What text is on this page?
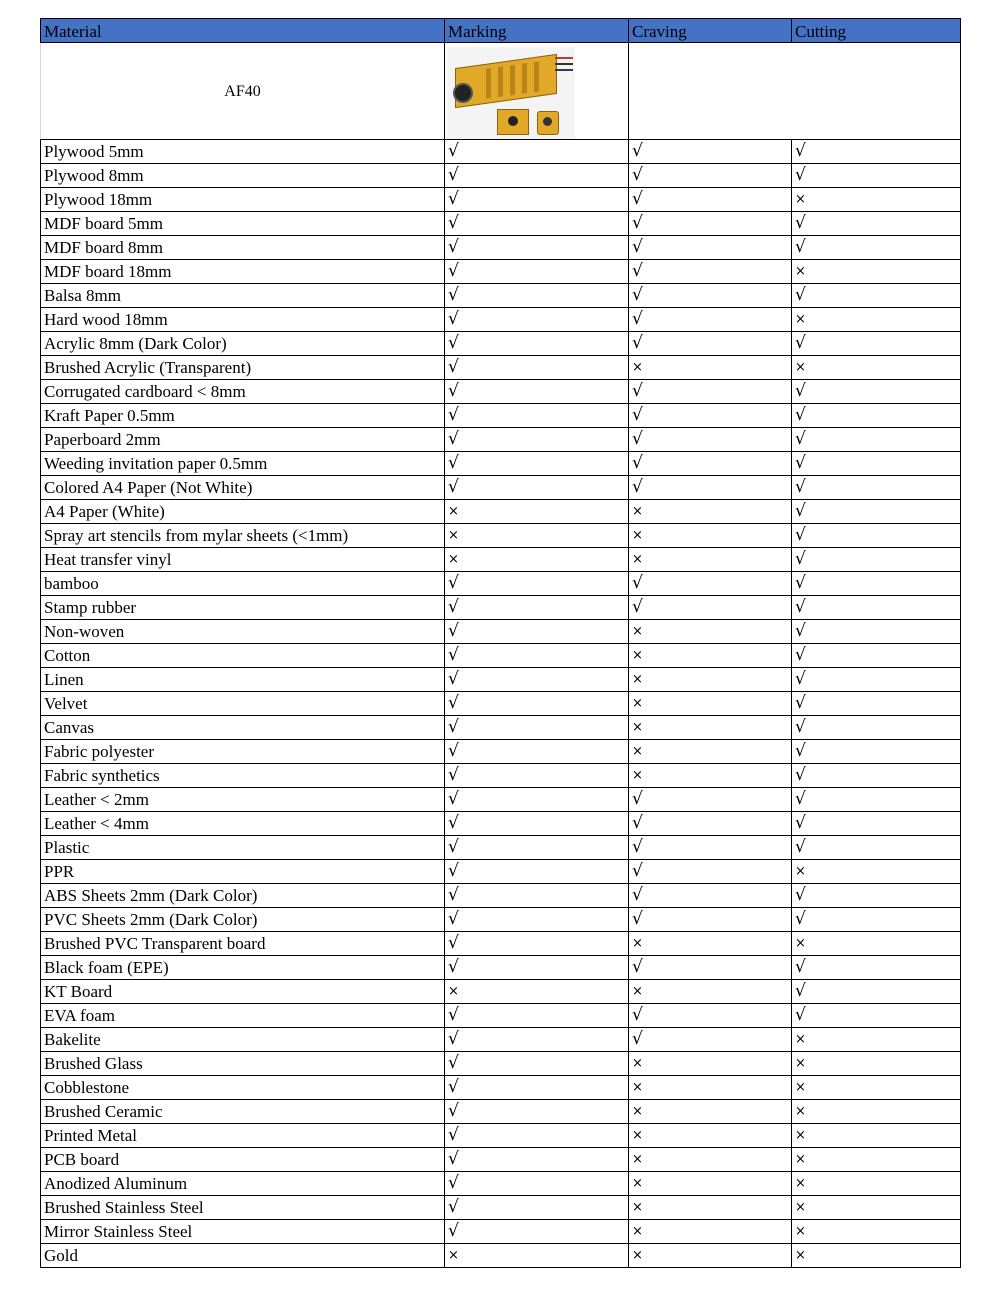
AF40	

Material	Marking	Craving	Cutting
Plywood 5mm	√	√	√
Plywood 8mm	√	√	√
Plywood 18mm	√	√	×
MDF board 5mm	√	√	√
MDF board 8mm	√	√	√
MDF board 18mm	√	√	×
Balsa 8mm	√	√	√
Hard wood 18mm	√	√	×
Acrylic 8mm (Dark Color)	√	√	√
Brushed Acrylic (Transparent)	√	×	×
Corrugated cardboard < 8mm	√	√	√
Kraft Paper 0.5mm	√	√	√
Paperboard 2mm	√	√	√
Weeding invitation paper 0.5mm	√	√	√
Colored A4 Paper (Not White)	√	√	√
A4 Paper (White)	×	×	√
Spray art stencils from mylar sheets (<1mm)	×	×	√
Heat transfer vinyl	×	×	√
bamboo	√	√	√
Stamp rubber	√	√	√
Non-woven	√	×	√
Cotton	√	×	√
Linen	√	×	√
Velvet	√	×	√
Canvas	√	×	√
Fabric polyester	√	×	√
Fabric synthetics	√	×	√
Leather < 2mm	√	√	√
Leather < 4mm	√	√	√
Plastic	√	√	√
PPR	√	√	×
ABS Sheets 2mm (Dark Color)	√	√	√
PVC Sheets 2mm (Dark Color)	√	√	√
Brushed PVC Transparent board	√	×	×
Black foam (EPE)	√	√	√
KT Board	×	×	√
EVA foam	√	√	√
Bakelite	√	√	×
Brushed Glass	√	×	×
Cobblestone	√	×	×
Brushed Ceramic	√	×	×
Printed Metal	√	×	×
PCB board	√	×	×
Anodized Aluminum	√	×	×
Brushed Stainless Steel	√	×	×
Mirror Stainless Steel	√	×	×
Gold	×	×	×
